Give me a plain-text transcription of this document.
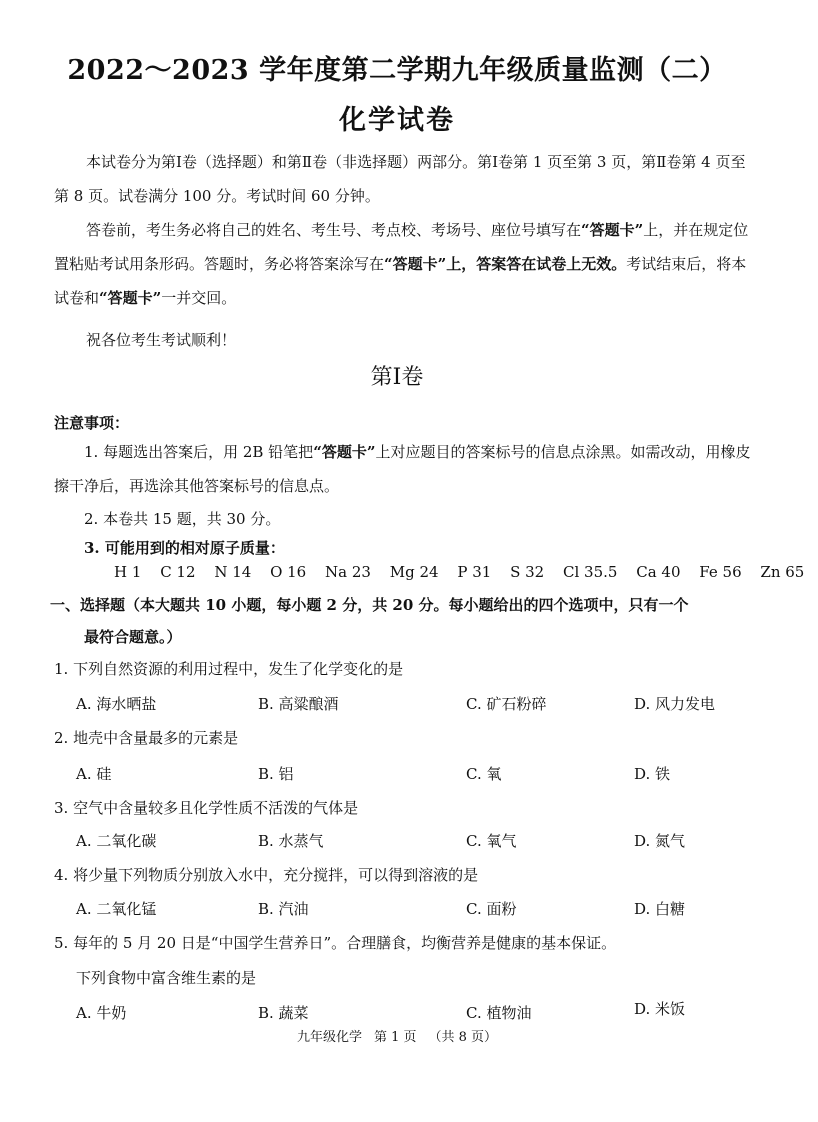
2022～2023 学年度第二学期九年级质量监测（二）
化学试卷
本试卷分为第Ⅰ卷（选择题）和第Ⅱ卷（非选择题）两部分。第Ⅰ卷第 1 页至第 3 页，第Ⅱ卷第 4 页至第 8 页。试卷满分 100 分。考试时间 60 分钟。
答卷前，考生务必将自己的姓名、考生号、考点校、考场号、座位号填写在“答题卡”上，并在规定位置粘贴考试用条形码。答题时，务必将答案涂写在“答题卡”上，答案答在试卷上无效。考试结束后，将本试卷和“答题卡”一并交回。
祝各位考生考试顺利！
第Ⅰ卷
注意事项：
1. 每题选出答案后，用 2B 铅笔把“答题卡”上对应题目的答案标号的信息点涂黑。如需改动，用橡皮擦干净后，再选涂其他答案标号的信息点。
2. 本卷共 15 题，共 30 分。
3. 可能用到的相对原子质量：
H 1 C 12 N 14 O 16 Na 23 Mg 24 P 31 S 32 Cl 35.5 Ca 40 Fe 56 Zn 65
一、选择题（本大题共 10 小题，每小题 2 分，共 20 分。每小题给出的四个选项中，只有一个
最符合题意。）
1. 下列自然资源的利用过程中，发生了化学变化的是
A. 海水晒盐	B. 高粱酿酒	C. 矿石粉碎	D. 风力发电
2. 地壳中含量最多的元素是
A. 硅	B. 铝	C. 氧	D. 铁
3. 空气中含量较多且化学性质不活泼的气体是
A. 二氧化碳	B. 水蒸气	C. 氧气	D. 氮气
4. 将少量下列物质分别放入水中，充分搅拌，可以得到溶液的是
A. 二氧化锰	B. 汽油	C. 面粉	D. 白糖
5. 每年的 5 月 20 日是“中国学生营养日”。合理膳食，均衡营养是健康的基本保证。
下列食物中富含维生素的是
A. 牛奶	B. 蔬菜	C. 植物油	D. 米饭
九年级化学 第 1 页 （共 8 页）
